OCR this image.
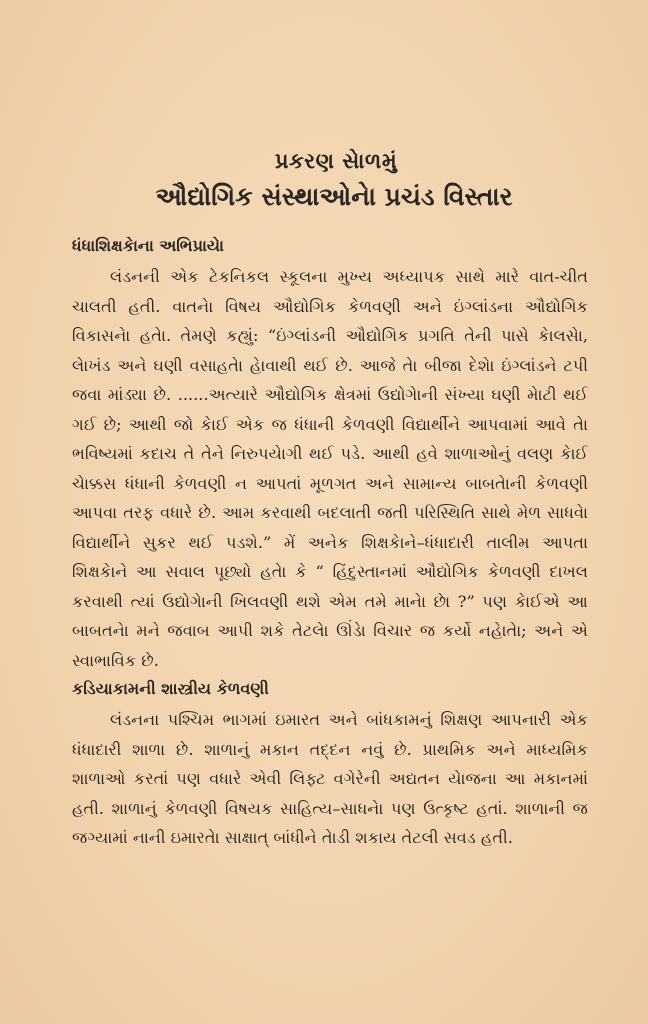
પ્રકરણ સેાળમું
ઔદ્યોગિક સંસ્થાઓનેા પ્રચંડ વિસ્તાર
ધંધાશિક્ષકેાના અભિપ્રાયેા

લંડનની એક ટેકનિકલ સ્કૂલના મુખ્ય અધ્યાપક સાથે મારે વાત-ચીત ચાલતી હતી. વાતનેા વિષય ઔદ્યોગિક કેળવણી અને ઇંગ્લાંડના ઔદ્યોગિક વિકાસનેા હતેા. તેમણે કહ્યું: “ઇંગ્લાંડની ઔદ્યોગિક પ્રગતિ તેની પાસે કેાલસેા, લેાખંડ અને ઘણી વસાહતેા હેાવાથી થઈ છે. આજે તેા બીજા દેશેા ઇંગ્લાંડને ટપી જવા માંડ્યા છે. ......અત્યારે ઔદ્યોગિક ક્ષેત્રમાં ઉદ્યોગેાની સંખ્યા ઘણી મેાટી થઈ ગઈ છે; આથી જો કેાઈ એક જ ધંધાની કેળવણી વિદ્યાર્થીને આપવામાં આવે તેા ભવિષ્યમાં કદાચ તે તેને નિરુપયેાગી થઈ પડે. આથી હવે શાળાઓનું વલણ કેાઈ ચેાક્કસ ધંધાની કેળવણી ન આપતાં મૂળગત અને સામાન્ય બાબતેાની કેળવણી આપવા તરફ વધારે છે. આમ કરવાથી બદલાતી જતી પરિસ્થિતિ સાથે મેળ સાધવેા વિદ્યાર્થીને સુકર થઈ પડશે.” મેં અનેક શિક્ષકેાને–ધંધાદારી તાલીમ આપતા શિક્ષકેાને આ સવાલ પૂછ્યો હતેા કે “ હિંદુસ્તાનમાં ઔદ્યોગિક કેળવણી દાખલ કરવાથી ત્યાં ઉદ્યોગેાની ખિલવણી થશે એમ તમે માનેા છેા ?” પણ કેાઈએ આ બાબતનેા મને જવાબ આપી શકે તેટલેા ઊંડેા વિચાર જ કર્યો નહેાતેા; અને એ સ્વાભાવિક છે.

કડિયાકામની શાસ્ત્રીય કેળવણી

લંડનના પશ્ચિમ ભાગમાં ઇમારત અને બાંધકામનું શિક્ષણ આપનારી એક ધંધાદારી શાળા છે. શાળાનું મકાન તદ્દન નવું છે. પ્રાથમિક અને માધ્યમિક શાળાઓ કરતાં પણ વધારે એવી લિફ્ટ વગેરેની અદ્યતન યેાજના આ મકાનમાં હતી. શાળાનું કેળવણી વિષયક સાહિત્ય–સાધનેા પણ ઉત્કૃષ્ટ હતાં. શાળાની જ જગ્યામાં નાની ઇમારતેા સાક્ષાત્ બાંધીને તેાડી શકાય તેટલી સવડ હતી.
